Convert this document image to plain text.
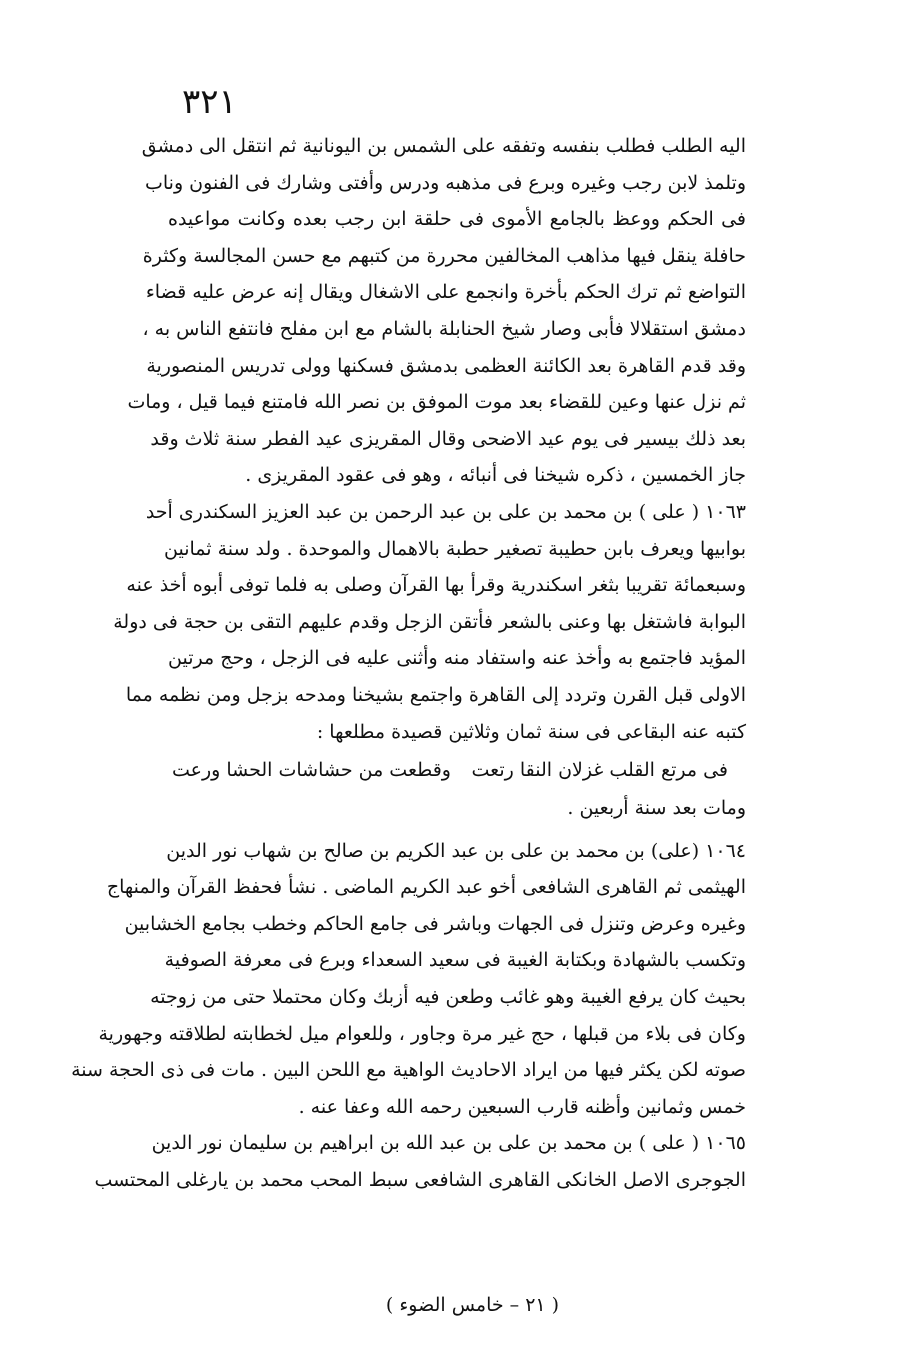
٣٢١
اليه الطلب فطلب بنفسه وتفقه على الشمس بن اليونانية ثم انتقل الى دمشق
وتلمذ لابن رجب وغيره وبرع فى مذهبه ودرس وأفتى وشارك فى الفنون وناب
فى الحكم ووعظ بالجامع الأموى فى حلقة ابن رجب بعده وكانت مواعيده
حافلة ينقل فيها مذاهب المخالفين محررة من كتبهم مع حسن المجالسة وكثرة
التواضع ثم ترك الحكم بأخرة وانجمع على الاشغال ويقال إنه عرض عليه قضاء
دمشق استقلالا فأبى وصار شيخ الحنابلة بالشام مع ابن مفلح فانتفع الناس به ،
وقد قدم القاهرة بعد الكائنة العظمى بدمشق فسكنها وولى تدريس المنصورية
ثم نزل عنها وعين للقضاء بعد موت الموفق بن نصر الله فامتنع فيما قيل ، ومات
بعد ذلك بيسير فى يوم عيد الاضحى وقال المقريزى عيد الفطر سنة ثلاث وقد
جاز الخمسين ، ذكره شيخنا فى أنبائه ، وهو فى عقود المقريزى .
١٠٦٣ ( على ) بن محمد بن على بن عبد الرحمن بن عبد العزيز السكندرى أحد
بوابيها ويعرف بابن حطيبة تصغير حطبة بالاهمال والموحدة . ولد سنة ثمانين
وسبعمائة تقريبا بثغر اسكندرية وقرأ بها القرآن وصلى به فلما توفى أبوه أخذ عنه
البوابة فاشتغل بها وعنى بالشعر فأتقن الزجل وقدم عليهم التقى بن حجة فى دولة
المؤيد فاجتمع به وأخذ عنه واستفاد منه وأثنى عليه فى الزجل ، وحج مرتين
الاولى قبل القرن وتردد إلى القاهرة واجتمع بشيخنا ومدحه بزجل ومن نظمه مما
كتبه عنه البقاعى فى سنة ثمان وثلاثين قصيدة مطلعها :
فى مرتع القلب غزلان النقا رتعت
وقطعت من حشاشات الحشا ورعت
ومات بعد سنة أربعين .
١٠٦٤ (على) بن محمد بن على بن عبد الكريم بن صالح بن شهاب نور الدين
الهيثمى ثم القاهرى الشافعى أخو عبد الكريم الماضى . نشأ فحفظ القرآن والمنهاج
وغيره وعرض وتنزل فى الجهات وباشر فى جامع الحاكم وخطب بجامع الخشابين
وتكسب بالشهادة وبكتابة الغيبة فى سعيد السعداء وبرع فى معرفة الصوفية
بحيث كان يرفع الغيبة وهو غائب وطعن فيه أزبك وكان محتملا حتى من زوجته
وكان فى بلاء من قبلها ، حج غير مرة وجاور ، وللعوام ميل لخطابته لطلاقته وجهورية
صوته لكن يكثر فيها من ايراد الاحاديث الواهية مع اللحن البين . مات فى ذى الحجة سنة
خمس وثمانين وأظنه قارب السبعين رحمه الله وعفا عنه .
١٠٦٥ ( على ) بن محمد بن على بن عبد الله بن ابراهيم بن سليمان نور الدين
الجوجرى الاصل الخانكى القاهرى الشافعى سبط المحب محمد بن يارغلى المحتسب
( ٢١ – خامس الضوء )
